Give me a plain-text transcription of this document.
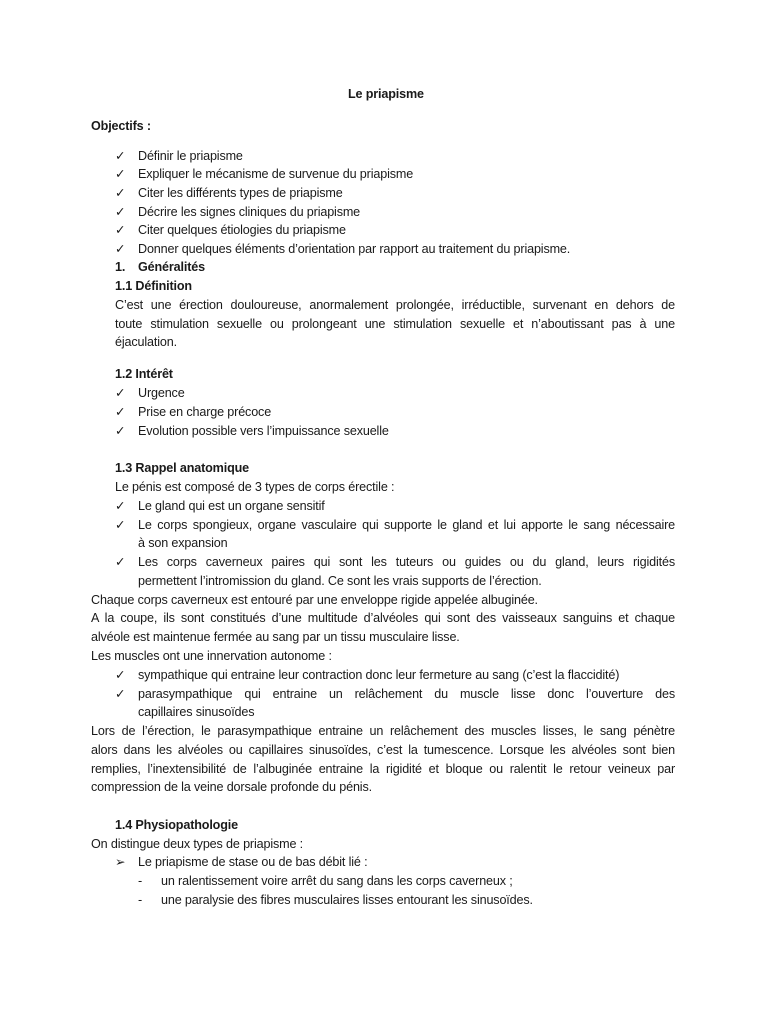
Le priapisme
Objectifs :
✓ Définir le priapisme
✓ Expliquer le mécanisme de survenue du priapisme
✓ Citer les différents types de priapisme
✓ Décrire les signes cliniques du priapisme
✓ Citer quelques étiologies du priapisme
✓ Donner quelques éléments d’orientation par rapport au traitement du priapisme.
1. Généralités
1.1 Définition
C’est une érection douloureuse, anormalement prolongée, irréductible, survenant en dehors de
toute stimulation sexuelle ou prolongeant une stimulation sexuelle et n’aboutissant pas à une
éjaculation.
1.2 Intérêt
✓ Urgence
✓ Prise en charge précoce
✓ Evolution possible vers l’impuissance sexuelle
1.3 Rappel anatomique
Le pénis est composé de 3 types de corps érectile :
✓ Le gland qui est un organe sensitif
✓ Le corps spongieux, organe vasculaire qui supporte le gland et lui apporte le sang nécessaire
à son expansion
✓ Les corps caverneux paires qui sont les tuteurs ou guides ou du gland, leurs rigidités
permettent l’intromission du gland. Ce sont les vrais supports de l’érection.
Chaque corps caverneux est entouré par une enveloppe rigide appelée albuginée.
A la coupe, ils sont constitués d’une multitude d’alvéoles qui sont des vaisseaux sanguins et chaque
alvéole est maintenue fermée au sang par un tissu musculaire lisse.
Les muscles ont une innervation autonome :
✓ sympathique qui entraine leur contraction donc leur fermeture au sang (c’est la flaccidité)
✓ parasympathique qui entraine un relâchement du muscle lisse donc l’ouverture des
capillaires sinusoïdes
Lors de l’érection, le parasympathique entraine un relâchement des muscles lisses, le sang pénètre
alors dans les alvéoles ou capillaires sinusoïdes, c’est la tumescence. Lorsque les alvéoles sont bien
remplies, l’inextensibilité de l’albuginée entraine la rigidité et bloque ou ralentit le retour veineux par
compression de la veine dorsale profonde du pénis.
1.4 Physiopathologie
On distingue deux types de priapisme :
➢ Le priapisme de stase ou de bas débit lié :
- un ralentissement voire arrêt du sang dans les corps caverneux ;
- une paralysie des fibres musculaires lisses entourant les sinusoïdes.
